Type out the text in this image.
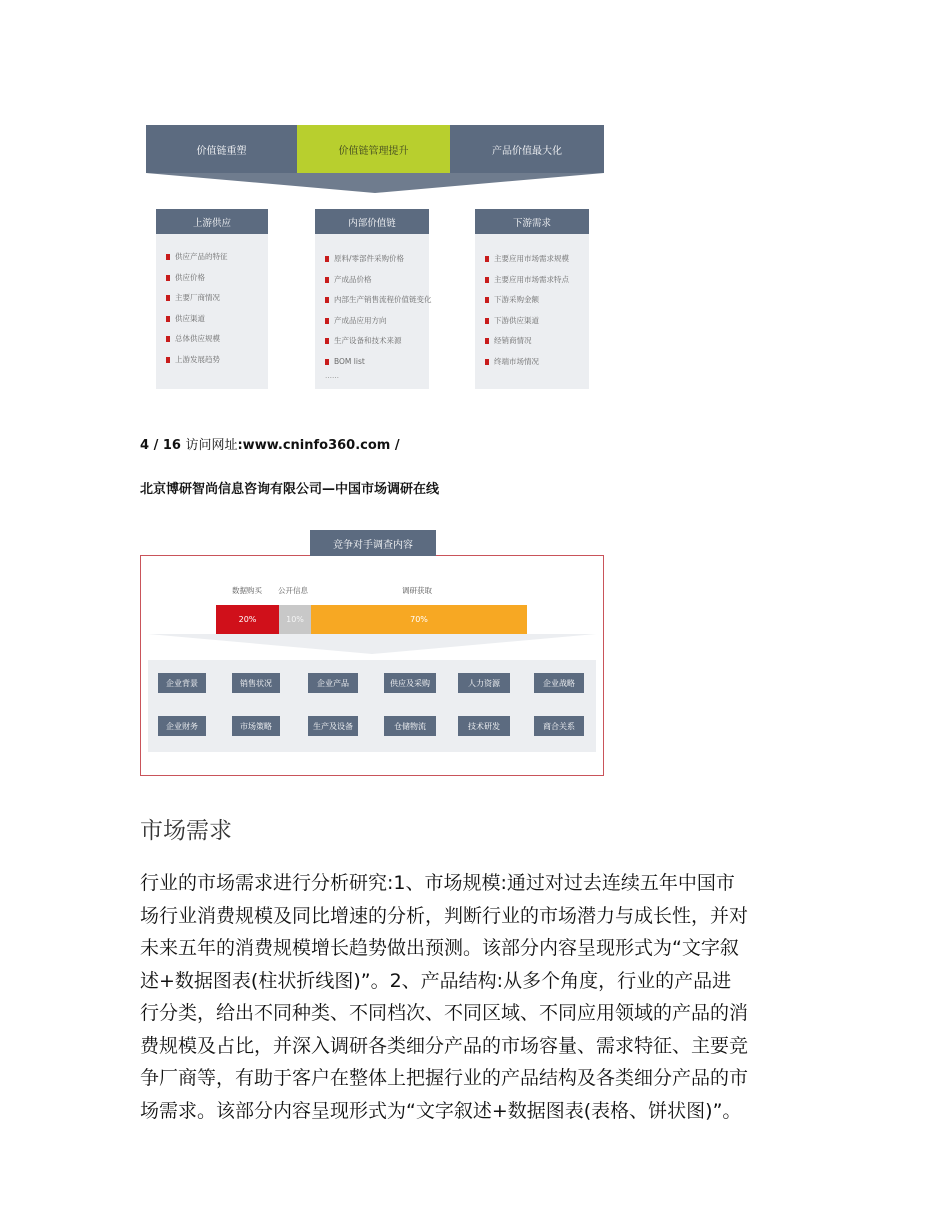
价值链重塑	价值链管理提升	产品价值最大化
上游供应
供应产品的特征
供应价格
主要厂商情况
供应渠道
总体供应规模
上游发展趋势
内部价值链
原料/零部件采购价格
产成品价格
内部生产销售流程价值链变化
产成品应用方向
生产设备和技术来源
BOM list
……
下游需求
主要应用市场需求规模
主要应用市场需求特点
下游采购金额
下游供应渠道
经销商情况
终端市场情况
4 / 16 访问网址:www.cninfo360.com /
北京博研智尚信息咨询有限公司—中国市场调研在线
竞争对手调查内容
数据购买 公开信息	调研获取
20%	10%	70%
企业背景	销售状况	企业产品	供应及采购	人力资源	企业战略
企业财务	市场策略	生产及设备	仓储物流	技术研发	商合关系
市场需求
行业的市场需求进行分析研究:1、市场规模:通过对过去连续五年中国市
场行业消费规模及同比增速的分析，判断行业的市场潜力与成长性，并对
未来五年的消费规模增长趋势做出预测。该部分内容呈现形式为“文字叙
述+数据图表(柱状折线图)”。2、产品结构:从多个角度，行业的产品进
行分类，给出不同种类、不同档次、不同区域、不同应用领域的产品的消
费规模及占比，并深入调研各类细分产品的市场容量、需求特征、主要竞
争厂商等，有助于客户在整体上把握行业的产品结构及各类细分产品的市
场需求。该部分内容呈现形式为“文字叙述+数据图表(表格、饼状图)”。
